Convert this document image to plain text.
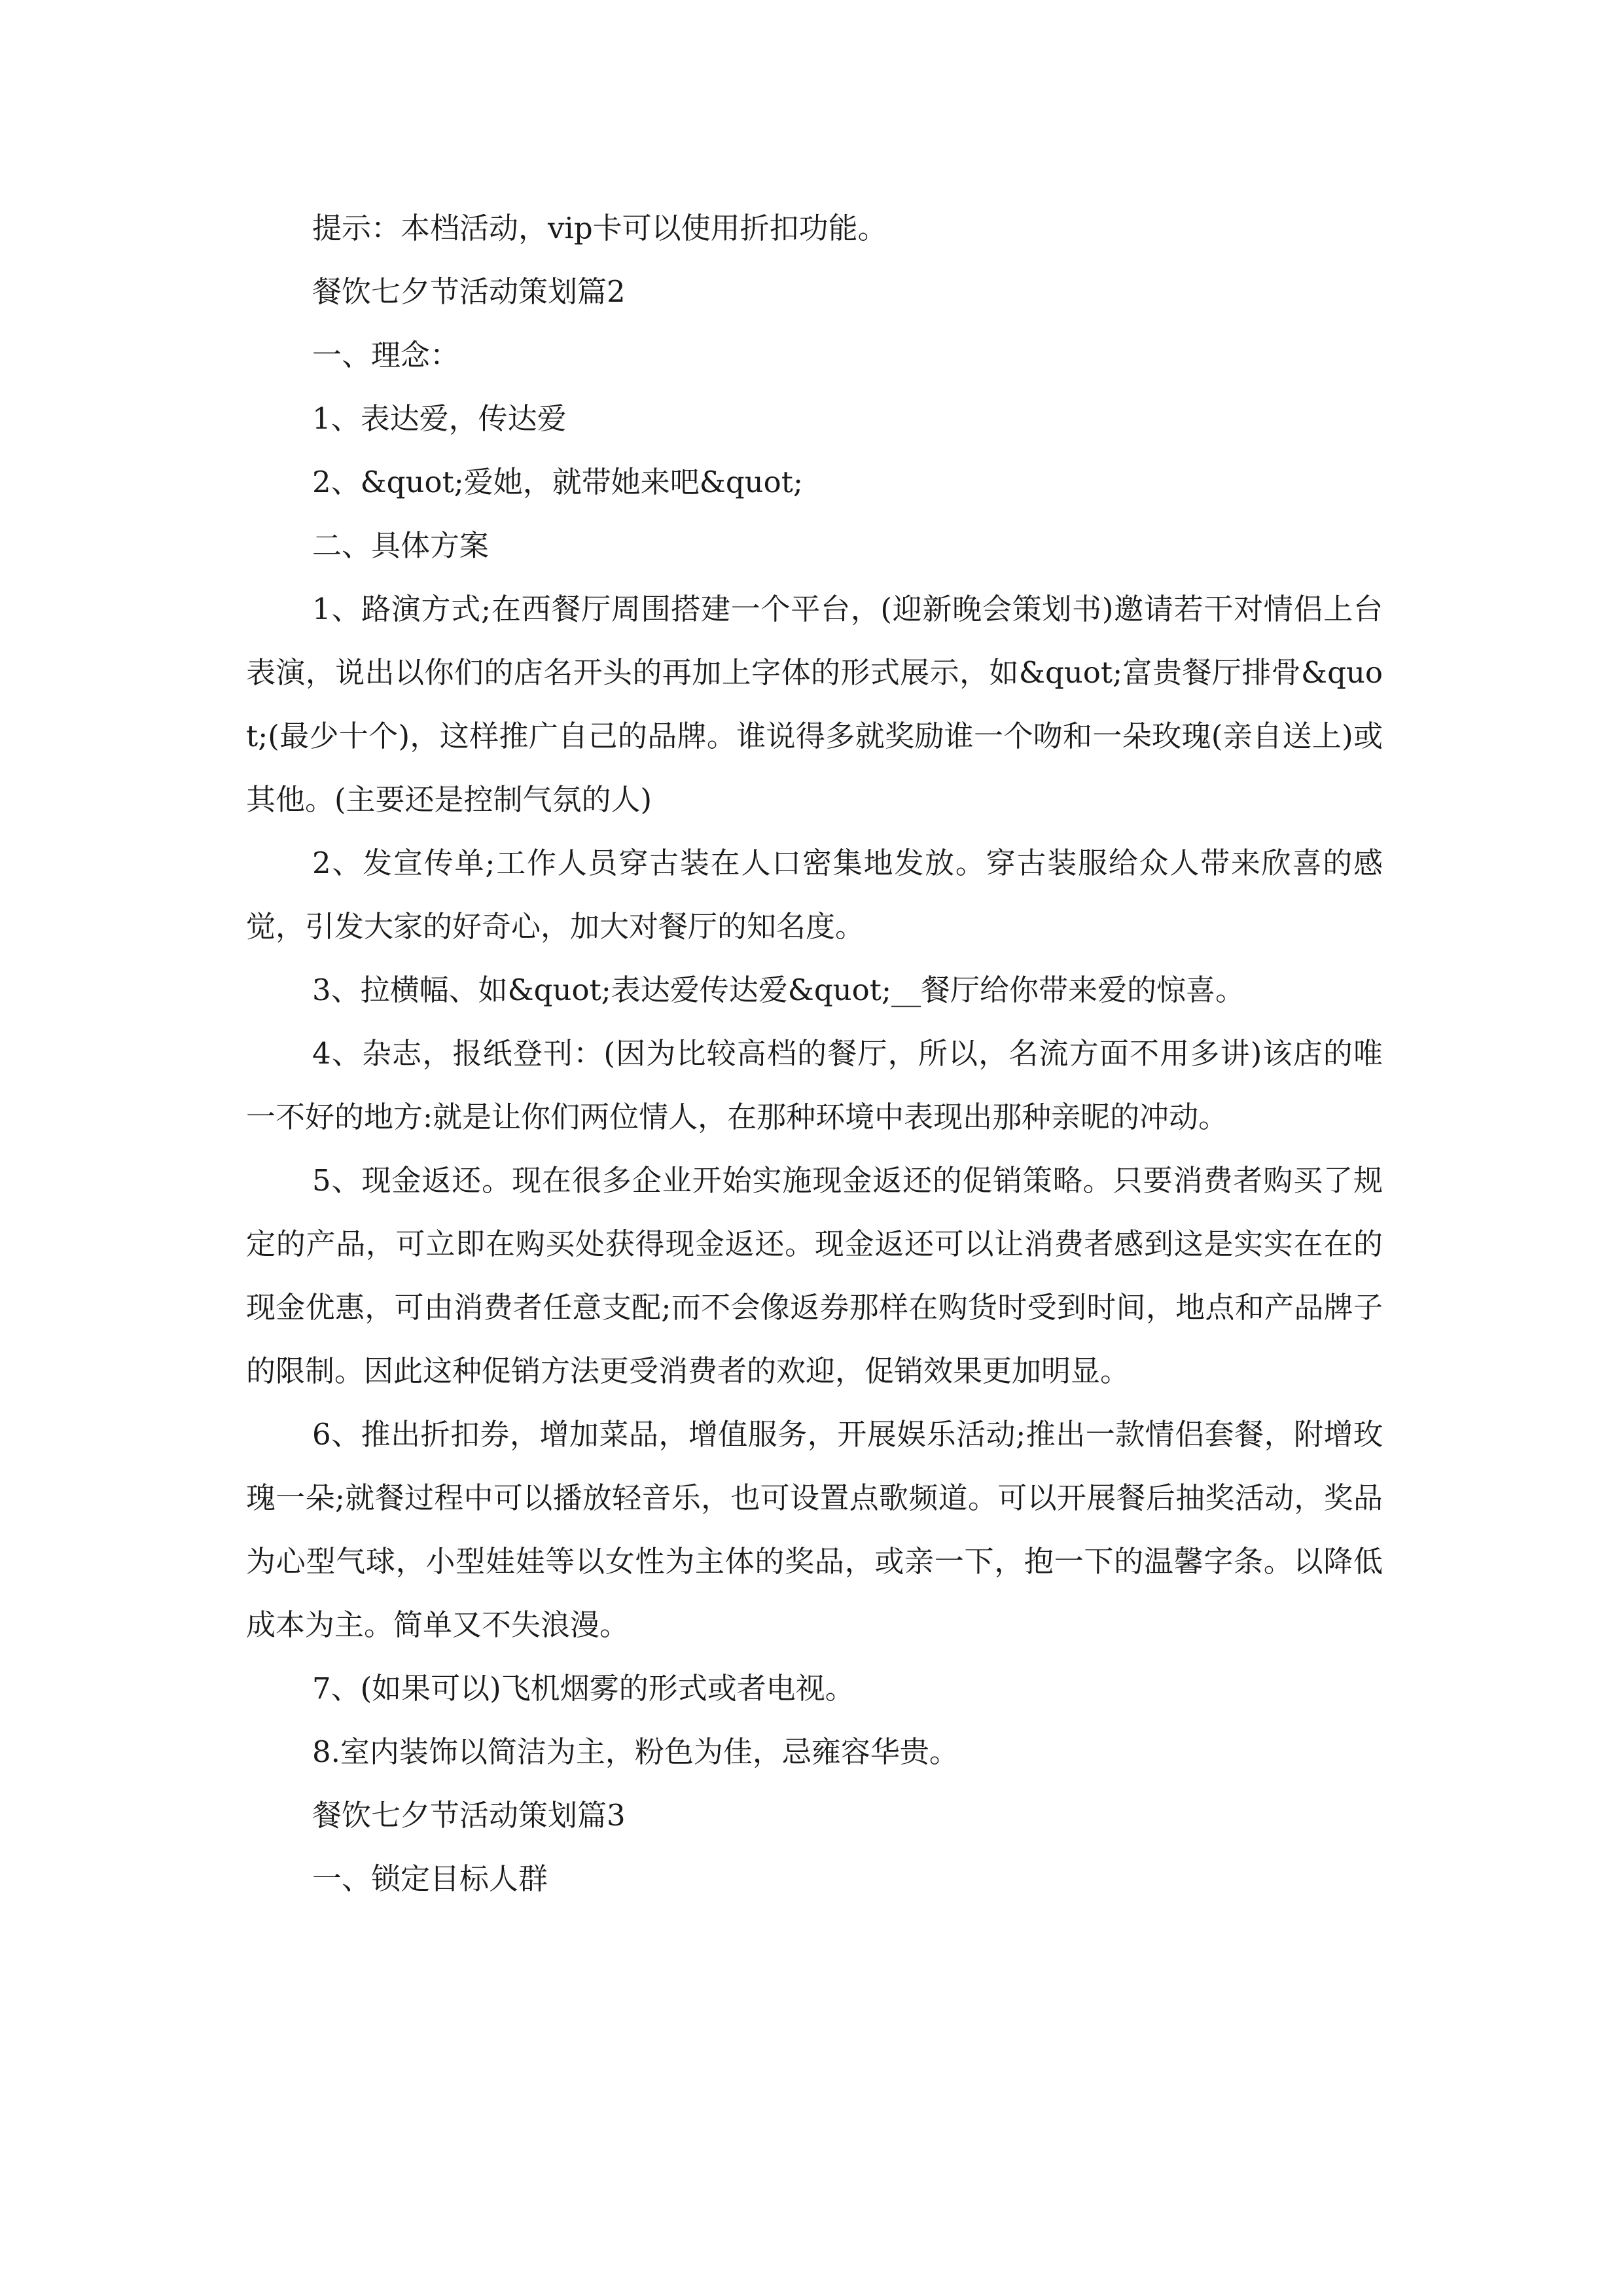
提示：本档活动，vip卡可以使用折扣功能。

餐饮七夕节活动策划篇2

一、理念：

1、表达爱，传达爱

2、&quot;爱她，就带她来吧&quot;

二、具体方案

1、路演方式;在西餐厅周围搭建一个平台，(迎新晚会策划书)邀请若干对情侣上台表演，说出以你们的店名开头的再加上字体的形式展示，如&quot;富贵餐厅排骨&quot;(最少十个)，这样推广自己的品牌。谁说得多就奖励谁一个吻和一朵玫瑰(亲自送上)或其他。(主要还是控制气氛的人)

2、发宣传单;工作人员穿古装在人口密集地发放。穿古装服给众人带来欣喜的感觉，引发大家的好奇心，加大对餐厅的知名度。

3、拉横幅、如&quot;表达爱传达爱&quot;__餐厅给你带来爱的惊喜。

4、杂志，报纸登刊：(因为比较高档的餐厅，所以，名流方面不用多讲)该店的唯一不好的地方:就是让你们两位情人，在那种环境中表现出那种亲昵的冲动。

5、现金返还。现在很多企业开始实施现金返还的促销策略。只要消费者购买了规定的产品，可立即在购买处获得现金返还。现金返还可以让消费者感到这是实实在在的现金优惠，可由消费者任意支配;而不会像返券那样在购货时受到时间，地点和产品牌子的限制。因此这种促销方法更受消费者的欢迎，促销效果更加明显。

6、推出折扣券，增加菜品，增值服务，开展娱乐活动;推出一款情侣套餐，附增玫瑰一朵;就餐过程中可以播放轻音乐，也可设置点歌频道。可以开展餐后抽奖活动，奖品为心型气球，小型娃娃等以女性为主体的奖品，或亲一下，抱一下的温馨字条。以降低成本为主。简单又不失浪漫。

7、(如果可以)飞机烟雾的形式或者电视。

8.室内装饰以简洁为主，粉色为佳，忌雍容华贵。

餐饮七夕节活动策划篇3

一、锁定目标人群
